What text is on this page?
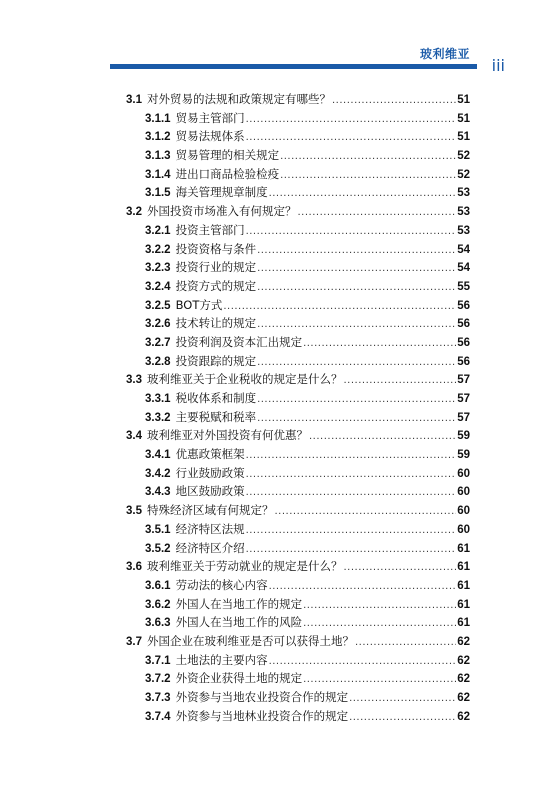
玻利维亚
iii
3.1 对外贸易的法规和政策规定有哪些？ .....	51
3.1.1 贸易主管部门 .....	51
3.1.2 贸易法规体系 .....	51
3.1.3 贸易管理的相关规定 .....	52
3.1.4 进出口商品检验检疫 .....	52
3.1.5 海关管理规章制度 .....	53
3.2 外国投资市场准入有何规定？ .....	53
3.2.1 投资主管部门 .....	53
3.2.2 投资资格与条件 .....	54
3.2.3 投资行业的规定 .....	54
3.2.4 投资方式的规定 .....	55
3.2.5 BOT方式 .....	56
3.2.6 技术转让的规定 .....	56
3.2.7 投资利润及资本汇出规定 .....	56
3.2.8 投资跟踪的规定 .....	56
3.3 玻利维亚关于企业税收的规定是什么？ .....	57
3.3.1 税收体系和制度 .....	57
3.3.2 主要税赋和税率 .....	57
3.4 玻利维亚对外国投资有何优惠？ .....	59
3.4.1 优惠政策框架 .....	59
3.4.2 行业鼓励政策 .....	60
3.4.3 地区鼓励政策 .....	60
3.5 特殊经济区域有何规定？ .....	60
3.5.1 经济特区法规 .....	60
3.5.2 经济特区介绍 .....	61
3.6 玻利维亚关于劳动就业的规定是什么？ .....	61
3.6.1 劳动法的核心内容 .....	61
3.6.2 外国人在当地工作的规定 .....	61
3.6.3 外国人在当地工作的风险 .....	61
3.7 外国企业在玻利维亚是否可以获得土地？ .....	62
3.7.1 土地法的主要内容 .....	62
3.7.2 外资企业获得土地的规定 .....	62
3.7.3 外资参与当地农业投资合作的规定 .....	62
3.7.4 外资参与当地林业投资合作的规定 .....	62
